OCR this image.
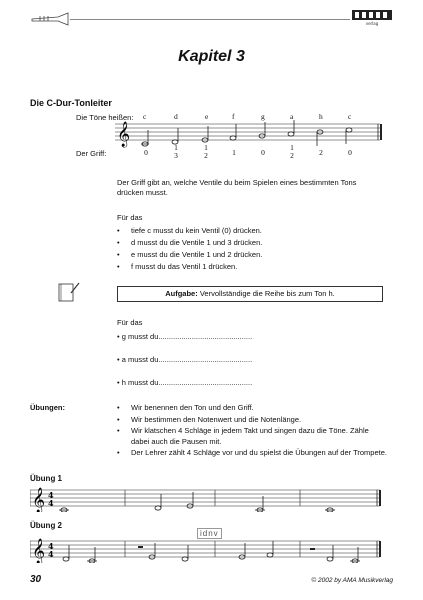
verlag
Kapitel 3
Die C-Dur-Tonleiter
Die Töne heißen:
Der Griff:
c	d	e	f	g	a	h	c
𝄞
0
1
3
1
2	1	0
1
2	2	0
Der Griff gibt an, welche Ventile du beim Spielen eines bestimmten Tons drücken musst.
Für das
• tiefe c musst du kein Ventil (0) drücken.
• d musst du die Ventile 1 und 3 drücken.
• e musst du die Ventile 1 und 2 drücken.
• f musst du das Ventil 1 drücken.
Aufgabe: Vervollständige die Reihe bis zum Ton h.
Für das
• g musst du.............................................
• a musst du.............................................
• h musst du.............................................
Übungen:
•	Wir benennen den Ton und den Griff.
• Wir bestimmen den Notenwert und die Notenlänge.
• Wir klatschen 4 Schläge in jedem Takt und singen dazu die Töne. Zähle dabei auch die Pausen mit.
• Der Lehrer zählt 4 Schläge vor und du spielst die Übungen auf der Trompete.
Übung 1
𝄞 4
4
Übung 2
𝄞 4
4
idnv
30	© 2002 by AMA Musikverlag
